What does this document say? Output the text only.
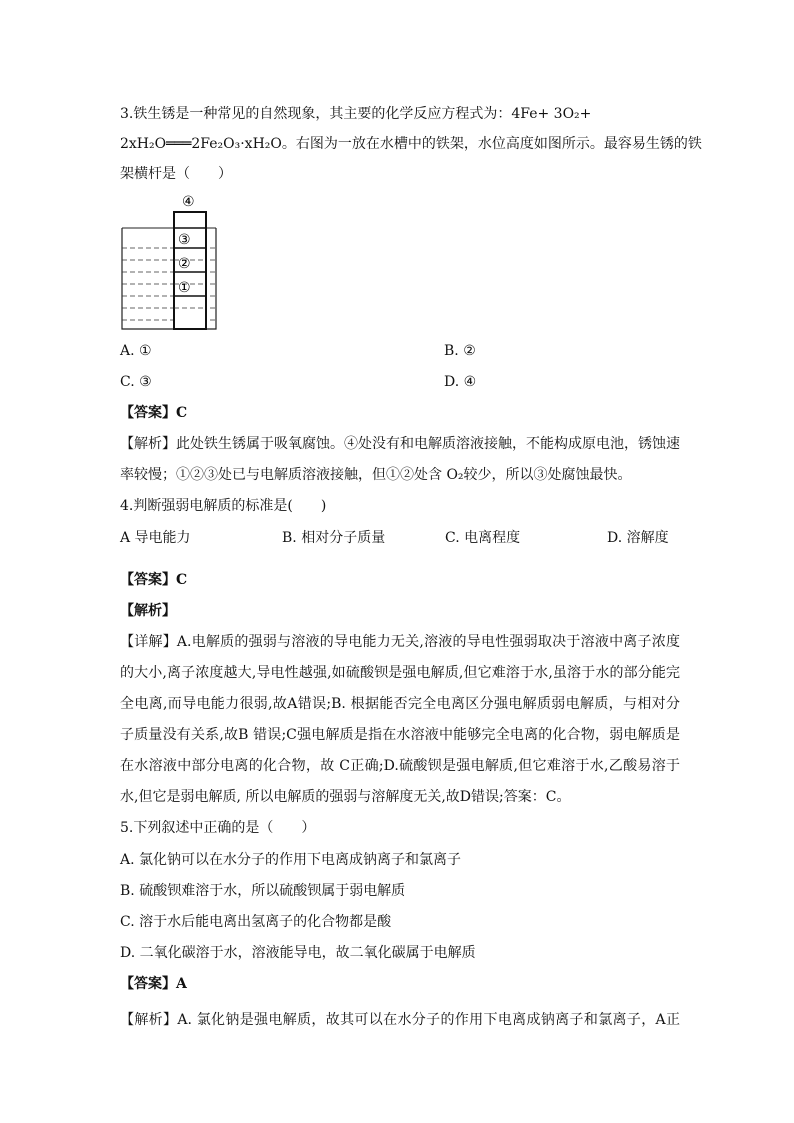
3.铁生锈是一种常见的自然现象，其主要的化学反应方程式为：4Fe+ 3O₂+
2xH₂O═══2Fe₂O₃·xH₂O。右图为一放在水槽中的铁架，水位高度如图所示。最容易生锈的铁
架横杆是（　　）
④
③
②
①
A. ①	B. ②
C. ③	D. ④
【答案】C
【解析】此处铁生锈属于吸氧腐蚀。④处没有和电解质溶液接触，不能构成原电池，锈蚀速
率较慢；①②③处已与电解质溶液接触，但①②处含 O₂较少，所以③处腐蚀最快。
4.判断强弱电解质的标准是(　　)
A 导电能力	B. 相对分子质量	C. 电离程度	D. 溶解度
【答案】C
【解析】
【详解】A.电解质的强弱与溶液的导电能力无关,溶液的导电性强弱取决于溶液中离子浓度
的大小,离子浓度越大,导电性越强,如硫酸钡是强电解质,但它难溶于水,虽溶于水的部分能完
全电离,而导电能力很弱,故A错误;B. 根据能否完全电离区分强电解质弱电解质，与相对分
子质量没有关系,故B 错误;C强电解质是指在水溶液中能够完全电离的化合物，弱电解质是
在水溶液中部分电离的化合物，故 C正确;D.硫酸钡是强电解质,但它难溶于水,乙酸易溶于
水,但它是弱电解质, 所以电解质的强弱与溶解度无关,故D错误;答案：C。
5.下列叙述中正确的是（　　）
A. 氯化钠可以在水分子的作用下电离成钠离子和氯离子
B. 硫酸钡难溶于水，所以硫酸钡属于弱电解质
C. 溶于水后能电离出氢离子的化合物都是酸
D. 二氧化碳溶于水，溶液能导电，故二氧化碳属于电解质
【答案】A
【解析】A. 氯化钠是强电解质，故其可以在水分子的作用下电离成钠离子和氯离子，A正
